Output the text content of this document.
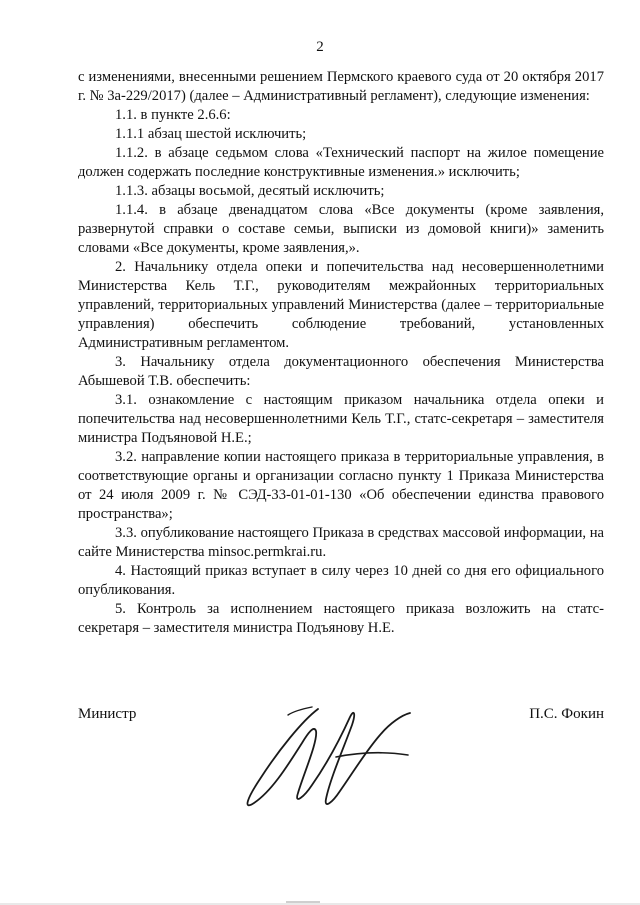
2

с изменениями, внесенными решением Пермского краевого суда от 20 октября 2017 г. № 3а-229/2017) (далее – Административный регламент), следующие изменения:

1.1. в пункте 2.6.6:

1.1.1 абзац шестой исключить;

1.1.2. в абзаце седьмом слова «Технический паспорт на жилое помещение должен содержать последние конструктивные изменения.» исключить;

1.1.3. абзацы восьмой, десятый исключить;

1.1.4. в абзаце двенадцатом слова «Все документы (кроме заявления, развернутой справки о составе семьи, выписки из домовой книги)» заменить словами «Все документы, кроме заявления,».

2. Начальнику отдела опеки и попечительства над несовершеннолетними Министерства Кель Т.Г., руководителям межрайонных территориальных управлений, территориальных управлений Министерства (далее – территориальные управления) обеспечить соблюдение требований, установленных Административным регламентом.

3. Начальнику отдела документационного обеспечения Министерства Абышевой Т.В. обеспечить:

3.1. ознакомление с настоящим приказом начальника отдела опеки и попечительства над несовершеннолетними Кель Т.Г., статс-секретаря – заместителя министра Подъяновой Н.Е.;

3.2. направление копии настоящего приказа в территориальные управления, в соответствующие органы и организации согласно пункту 1 Приказа Министерства от 24 июля 2009 г. № СЭД-33-01-01-130 «Об обеспечении единства правового пространства»;

3.3. опубликование настоящего Приказа в средствах массовой информации, на сайте Министерства minsoc.permkrai.ru.

4. Настоящий приказ вступает в силу через 10 дней со дня его официального опубликования.

5. Контроль за исполнением настоящего приказа возложить на статс-секретаря – заместителя министра Подъянову Н.Е.

Министр	П.С. Фокин
